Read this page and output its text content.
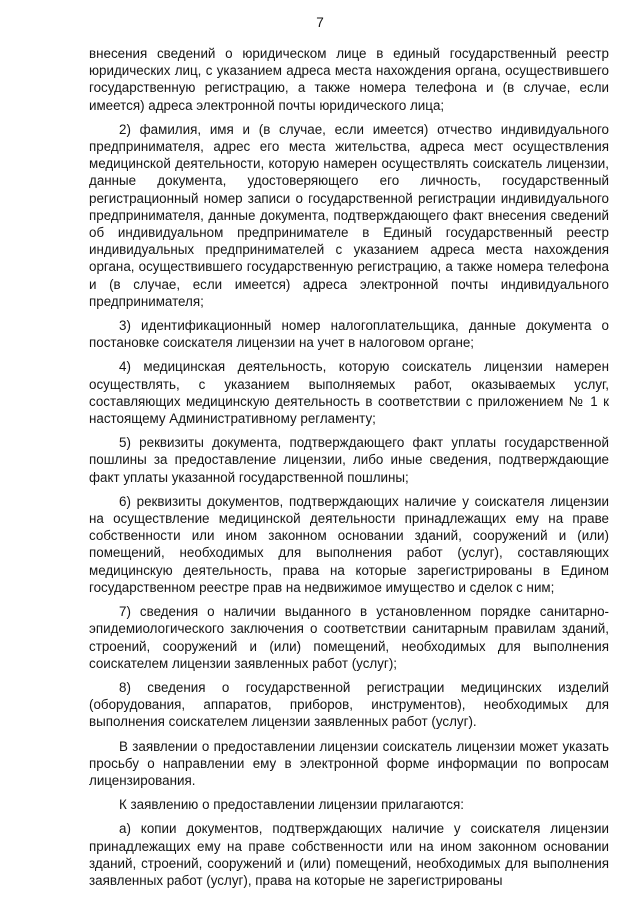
7

внесения сведений о юридическом лице в единый государственный реестр юридических лиц, с указанием адреса места нахождения органа, осуществившего государственную регистрацию, а также номера телефона и (в случае, если имеется) адреса электронной почты юридического лица;

2) фамилия, имя и (в случае, если имеется) отчество индивидуального предпринимателя, адрес его места жительства, адреса мест осуществления медицинской деятельности, которую намерен осуществлять соискатель лицензии, данные документа, удостоверяющего его личность, государственный регистрационный номер записи о государственной регистрации индивидуального предпринимателя, данные документа, подтверждающего факт внесения сведений об индивидуальном предпринимателе в Единый государственный реестр индивидуальных предпринимателей с указанием адреса места нахождения органа, осуществившего государственную регистрацию, а также номера телефона и (в случае, если имеется) адреса электронной почты индивидуального предпринимателя;

3) идентификационный номер налогоплательщика, данные документа о постановке соискателя лицензии на учет в налоговом органе;

4) медицинская деятельность, которую соискатель лицензии намерен осуществлять, с указанием выполняемых работ, оказываемых услуг, составляющих медицинскую деятельность в соответствии с приложением № 1 к настоящему Административному регламенту;

5) реквизиты документа, подтверждающего факт уплаты государственной пошлины за предоставление лицензии, либо иные сведения, подтверждающие факт уплаты указанной государственной пошлины;

6) реквизиты документов, подтверждающих наличие у соискателя лицензии на осуществление медицинской деятельности принадлежащих ему на праве собственности или ином законном основании зданий, сооружений и (или) помещений, необходимых для выполнения работ (услуг), составляющих медицинскую деятельность, права на которые зарегистрированы в Едином государственном реестре прав на недвижимое имущество и сделок с ним;

7) сведения о наличии выданного в установленном порядке санитарно-эпидемиологического заключения о соответствии санитарным правилам зданий, строений, сооружений и (или) помещений, необходимых для выполнения соискателем лицензии заявленных работ (услуг);

8) сведения о государственной регистрации медицинских изделий (оборудования, аппаратов, приборов, инструментов), необходимых для выполнения соискателем лицензии заявленных работ (услуг).

В заявлении о предоставлении лицензии соискатель лицензии может указать просьбу о направлении ему в электронной форме информации по вопросам лицензирования.

К заявлению о предоставлении лицензии прилагаются:

а) копии документов, подтверждающих наличие у соискателя лицензии принадлежащих ему на праве собственности или на ином законном основании зданий, строений, сооружений и (или) помещений, необходимых для выполнения заявленных работ (услуг), права на которые не зарегистрированы
